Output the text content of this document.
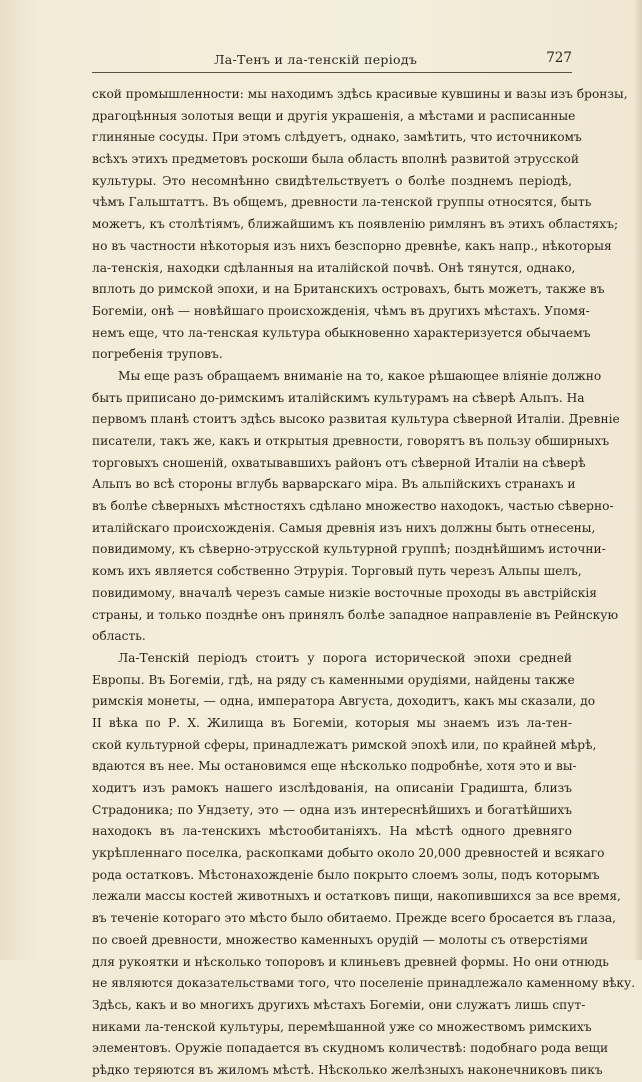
Ла-Тенъ и ла-тенскій періодъ	727
ской промышленности: мы находимъ здѣсь красивые кувшины и вазы изъ бронзы,
драгоцѣнныя золотыя вещи и другія украшенія, а мѣстами и расписанные
глиняные сосуды. При этомъ слѣдуетъ, однако, замѣтить, что источникомъ
всѣхъ этихъ предметовъ роскоши была область вполнѣ развитой этрусской
культуры. Это несомнѣнно свидѣтельствуетъ о болѣе позднемъ періодѣ,
чѣмъ Гальштаттъ. Въ общемъ, древности ла-тенской группы относятся, быть
можетъ, къ столѣтіямъ, ближайшимъ къ появленію римлянъ въ этихъ областяхъ;
но въ частности нѣкоторыя изъ нихъ безспорно древнѣе, какъ напр., нѣкоторыя
ла-тенскія, находки сдѣланныя на италійской почвѣ. Онѣ тянутся, однако,
вплоть до римской эпохи, и на Британскихъ островахъ, быть можетъ, также въ
Богеміи, онѣ — новѣйшаго происхожденія, чѣмъ въ другихъ мѣстахъ. Упомя-
немъ еще, что ла-тенская культура обыкновенно характеризуется обычаемъ
погребенія труповъ.
Мы еще разъ обращаемъ вниманіе на то, какое рѣшающее вліяніе должно
быть приписано до-римскимъ италійскимъ культурамъ на сѣверѣ Альпъ. На
первомъ планѣ стоитъ здѣсь высоко развитая культура сѣверной Италіи. Древніе
писатели, такъ же, какъ и открытыя древности, говорятъ въ пользу обширныхъ
торговыхъ сношеній, охватывавшихъ районъ отъ сѣверной Италіи на сѣверѣ
Альпъ во всѣ стороны вглубь варварскаго міра. Въ альпійскихъ странахъ и
въ болѣе сѣверныхъ мѣстностяхъ сдѣлано множество находокъ, частью сѣверно-
италійскаго происхожденія. Самыя древнія изъ нихъ должны быть отнесены,
повидимому, къ сѣверно-этрусской культурной группѣ; позднѣйшимъ источни-
комъ ихъ является собственно Этрурія. Торговый путь черезъ Альпы шелъ,
повидимому, вначалѣ черезъ самые низкіе восточные проходы въ австрійскія
страны, и только позднѣе онъ принялъ болѣе западное направленіе въ Рейнскую
область.
Ла-Тенскій періодъ стоитъ у порога исторической эпохи средней
Европы. Въ Богеміи, гдѣ, на ряду съ каменными орудіями, найдены также
римскія монеты, — одна, императора Августа, доходитъ, какъ мы сказали, до
II вѣка по Р. Х. Жилища въ Богеміи, которыя мы знаемъ изъ ла-тен-
ской культурной сферы, принадлежатъ римской эпохѣ или, по крайней мѣрѣ,
вдаются въ нее. Мы остановимся еще нѣсколько подробнѣе, хотя это и вы-
ходитъ изъ рамокъ нашего изслѣдованія, на описаніи Градишта, близъ
Страдоника; по Ундзету, это — одна изъ интереснѣйшихъ и богатѣйшихъ
находокъ въ ла-тенскихъ мѣстообитаніяхъ. На мѣстѣ одного древняго
укрѣпленнаго поселка, раскопками добыто около 20,000 древностей и всякаго
рода остатковъ. Мѣстонахожденіе было покрыто слоемъ золы, подъ которымъ
лежали массы костей животныхъ и остатковъ пищи, накопившихся за все время,
въ теченіе котораго это мѣсто было обитаемо. Прежде всего бросается въ глаза,
по своей древности, множество каменныхъ орудій — молоты съ отверстіями
для рукоятки и нѣсколько топоровъ и клиньевъ древней формы. Но они отнюдь
не являются доказательствами того, что поселеніе принадлежало каменному вѣку.
Здѣсь, какъ и во многихъ другихъ мѣстахъ Богеміи, они служатъ лишь спут-
никами ла-тенской культуры, перемѣшанной уже со множествомъ римскихъ
элементовъ. Оружіе попадается въ скудномъ количествѣ: подобнаго рода вещи
рѣдко теряются въ жиломъ мѣстѣ. Нѣсколько желѣзныхъ наконечниковъ пикъ
